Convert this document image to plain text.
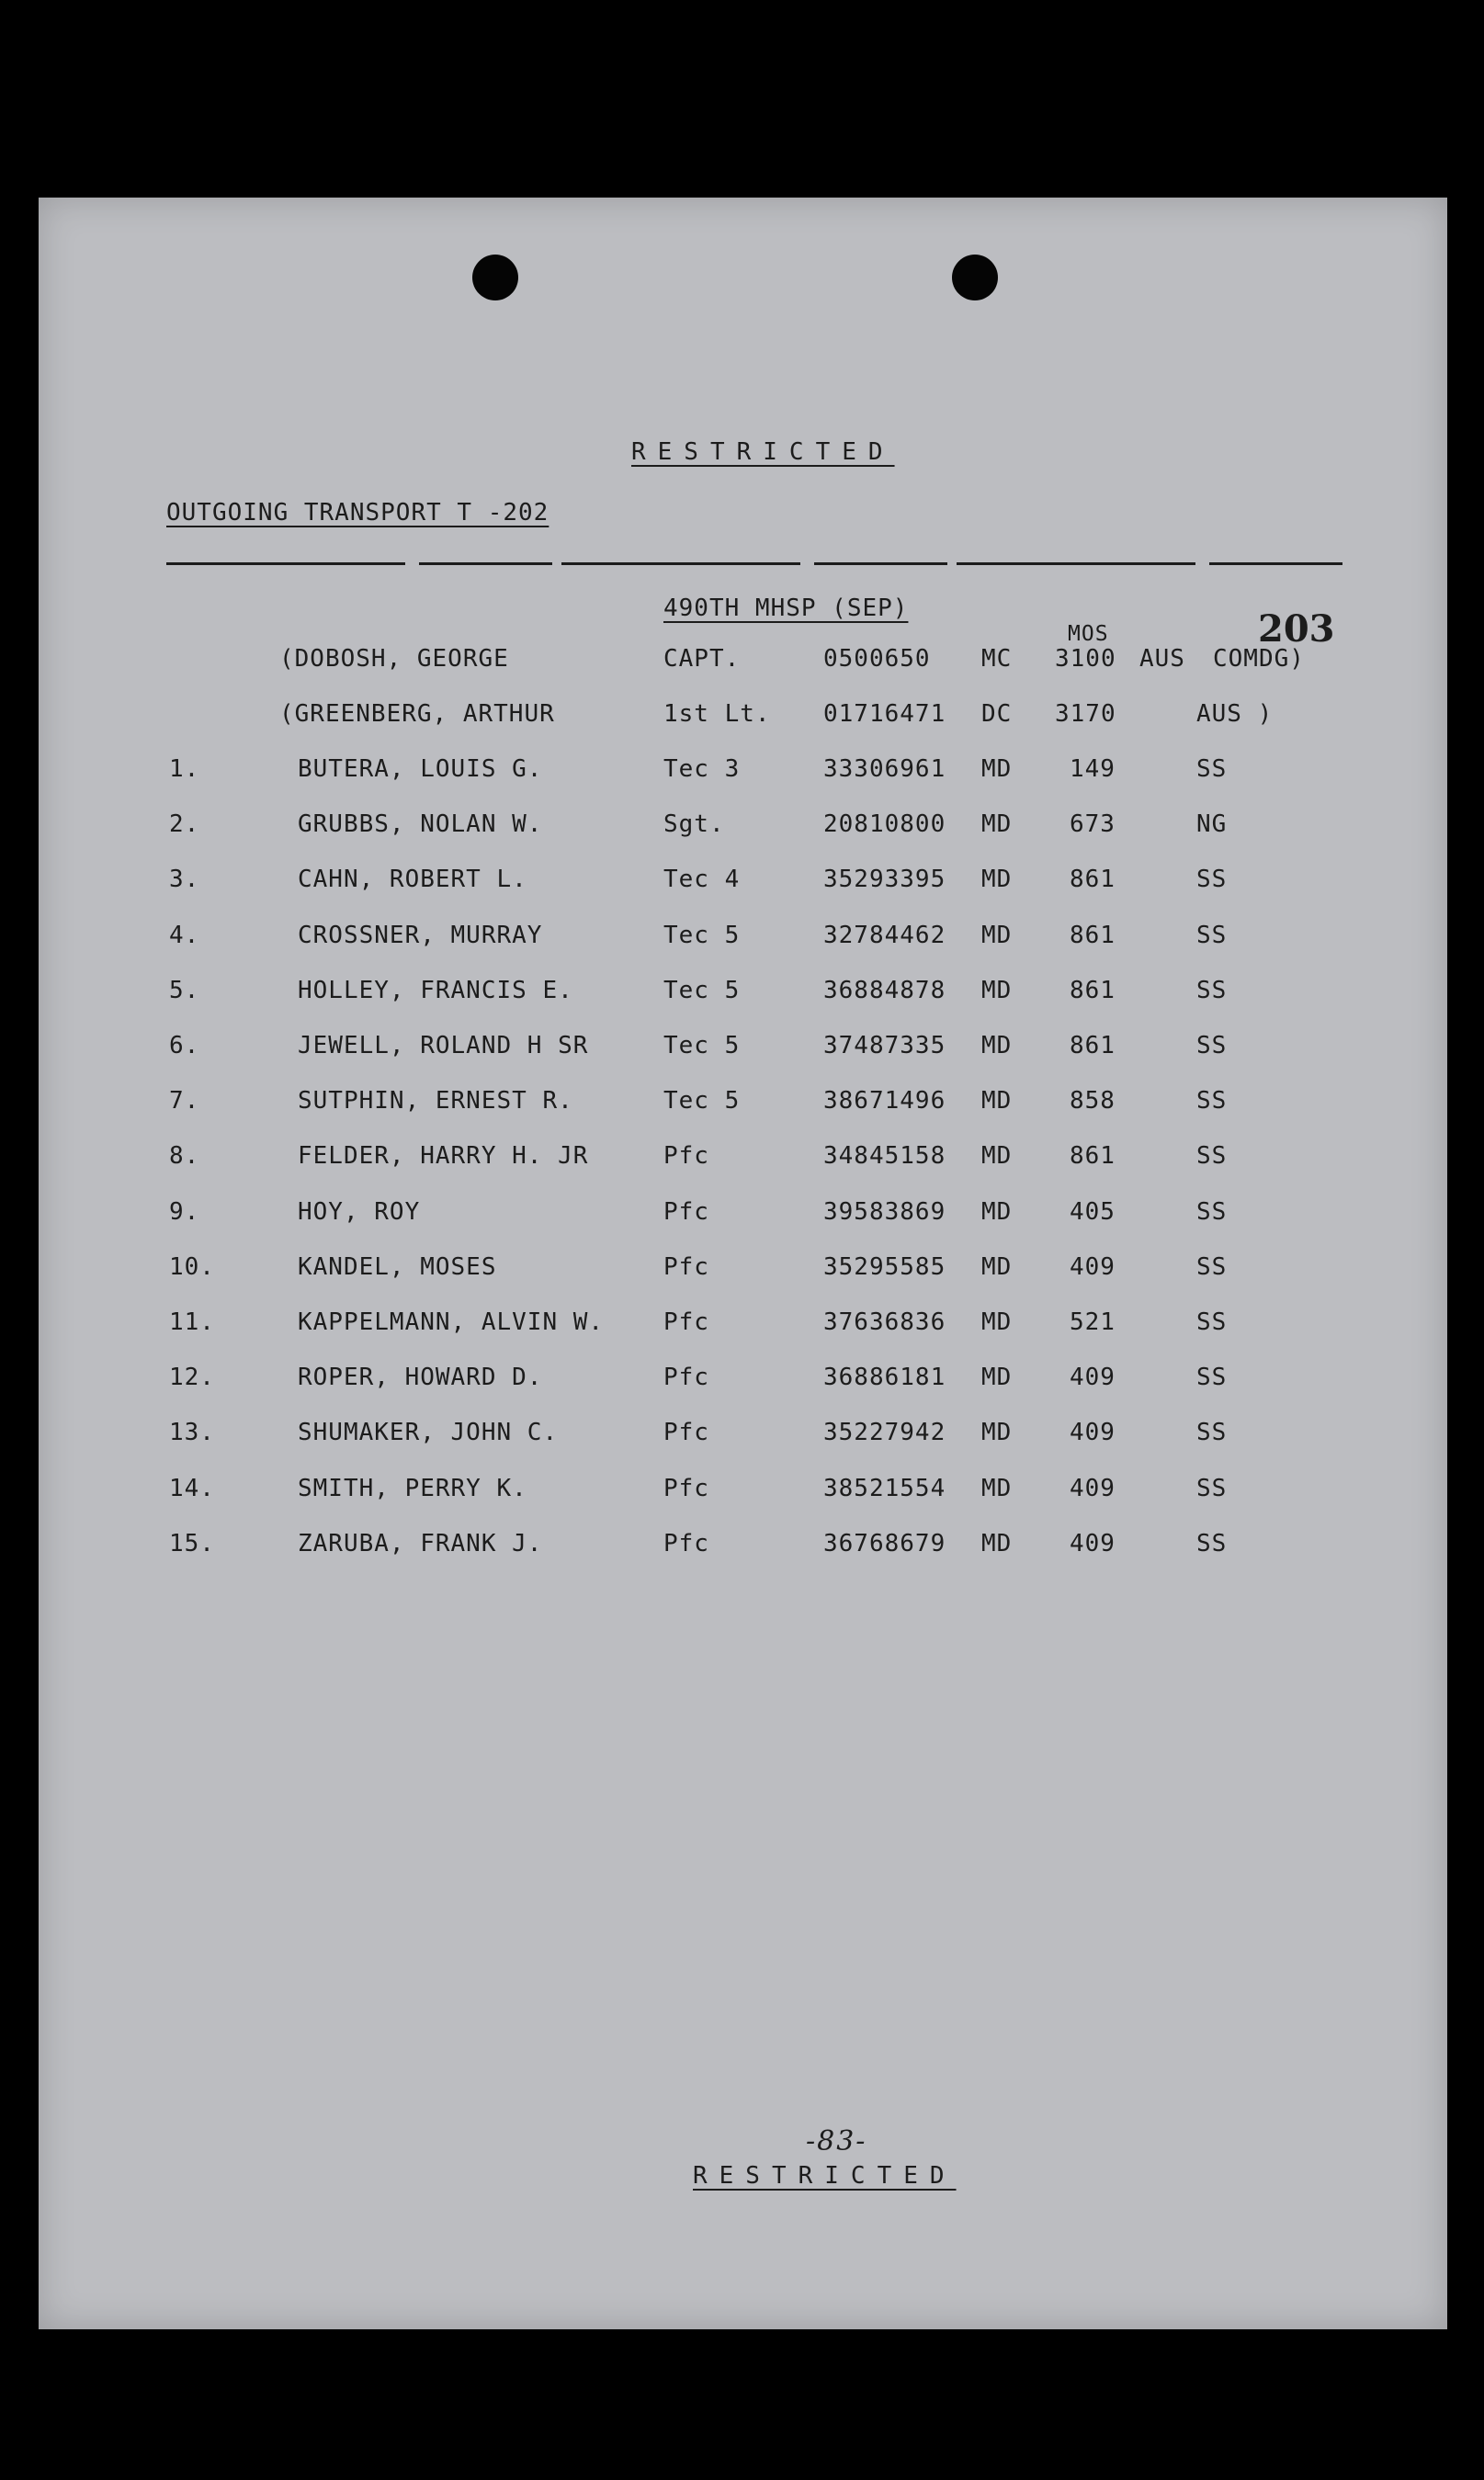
RESTRICTED
OUTGOING TRANSPORT T -202
490TH MHSP (SEP)
MOS	203
(DOBOSH, GEORGE	CAPT.	0500650 MC 3100 AUS COMDG)
(GREENBERG, ARTHUR	1st Lt. 01716471 DC 3170	AUS )
1.	BUTERA, LOUIS G.	Tec 3	33306961 MD 149	SS
2.	GRUBBS, NOLAN W.	Sgt.	20810800 MD 673	NG
3.	CAHN, ROBERT L.	Tec 4	35293395 MD 861	SS
4.	CROSSNER, MURRAY	Tec 5	32784462 MD 861	SS
5.	HOLLEY, FRANCIS E.	Tec 5	36884878 MD 861	SS
6.	JEWELL, ROLAND H SR	Tec 5	37487335 MD 861	SS
7.	SUTPHIN, ERNEST R.	Tec 5	38671496 MD 858	SS
8.	FELDER, HARRY H. JR	Pfc	34845158 MD 861	SS
9.	HOY, ROY	Pfc	39583869 MD 405	SS
10.	KANDEL, MOSES	Pfc	35295585 MD 409	SS
11.	KAPPELMANN, ALVIN W. Pfc	37636836 MD 521	SS
12.	ROPER, HOWARD D.	Pfc	36886181 MD 409	SS
13.	SHUMAKER, JOHN C.	Pfc	35227942 MD 409	SS
14.	SMITH, PERRY K.	Pfc	38521554 MD 409	SS
15.	ZARUBA, FRANK J.	Pfc	36768679 MD 409	SS
-83-
RESTRICTED
